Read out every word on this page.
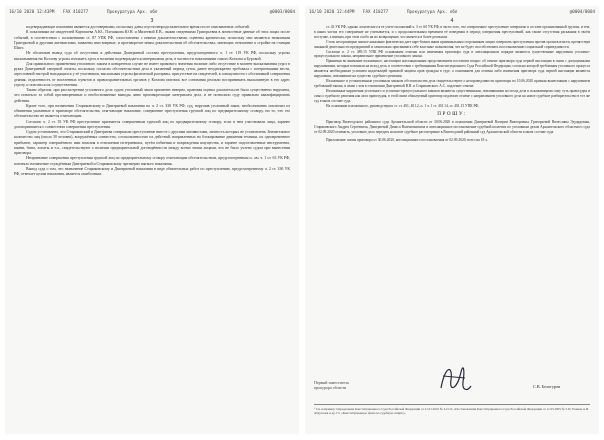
16/10 2020 12:43PM FAX 410277	Прокуратура Арх. обл	@0003/0004
3

подтверждающие показания являются достоверными, поскольку даны спустя непродолжительное время после описываемых событий.

К показаниям же свидетелей Карташева А.Ю., Плешакова Ю.Н. и Михеевой Е.В., чьими сведениями Григорьевна в личностные данные об этих лицах после событий, в соответствии с положениями ст. 87 УПК РФ, сопоставлены с иными доказательствами, оценены критически, поскольку они являются знакомыми Григорьевой и другими активистами, заявлены ими впервые, и противоречат иным доказательствам об обстоятельствах, имеющих отношение к стройке на станции Шиес.

Не обоснован вывод суда об отсутствии в действиях Дмитриевой состава преступления, предусмотренного ч. 1 ст. 119 УК РФ, поскольку угрозы высказывания ею Козлову угрозы изложить здесь в наличии подтверждается материалами дела, в частности показаниями самого Козлова и Буровой.

Для правильного применения уголовного закона в конкретном случае не имеет правового значения наличие либо отсутствие в момент высказывания угроз в руках Дмитриевой саперной лопаты, поскольку согласно обстоятельствам дела в указанный период суток, ранее неоднократно требовала с потерпевшими вести, агрессивной настрой находящихся у её участников, высказывая угрозы физической расправы, присутствие на свидетелей, в совокупности с обстановкой совершения деяния, отдаленность от населенных пунктов и правоохранительных органов у Козлова имелись все основания реально воспринимать высказанную в его адрес угрозу, и опасаться их осуществления.

Таким образом, при рассмотрении уголовного дела судом уголовный закон применен неверно, правовая оценка доказательств была существенно нарушена, что повлекло за собой противоречивые и необоснованные выводы, явно противоречащие материалам дела, и не позволило суду правильно квалифицировать действия.

Кроме того, при назначении Стариковскому и Дмитриевой наказания по ч. 2 ст. 330 УК РФ, суд, нарушив уголовный закон, необоснованно исключил из обвинения указанные в приговоре обстоятельства, отягчающие наказание, совершение преступления группой лиц по предварительному сговору, ни то, что это обстоятельство не является отягчающим.

Согласно ч. 2 ст. 35 УК РФ преступление признается совершенным группой лиц по предварительному сговору, если в нем участвовали лица, заранее договорившиеся о совместном совершении преступления.

Судом установлено, что Стариковский и Дмитриева совершили преступление вместе с другими активистами, личность которых не установлена. Значительное количество лиц (около 50 человек), вооружённых совместно, согласованностью их действий, направленных на блокирование движения техники, их одновременное прибытие, характер совершённого ими насилия в отношении потерпевших, путём избиения и повреждения имущества, и заранее подготовленные инструменты, камни, биты, лопаты и т.п., свидетельствуют о наличии предварительной договорённости между всеми этими лицами, что не было учтено судом при вынесении приговора.

Непризнание совершения преступления группой лиц по предварительному сговору отягчающим обстоятельством, предусмотренным п. «в» ч. 1 ст. 63 УК РФ, повлекло назначение осуждённым Дмитриевой и Стариковскому чрезмерно мягкого наказания.

Вывод суда о том, что назначение Стариковскому и Дмитриевой наказания в виде обязательных работ по преступлению, предусмотренному ч. 2 ст. 330 УК РФ, отвечает целям наказания, является ошибочным.

16/10 2020 12:44PM FAX 410277	Прокуратура Арх. обл	@0004/0004
4

ст. 43 УК РФ, однако логического в ее учете положений ч. 3 ст. 60 УК РФ, в части того, что совершенное преступление совершено в составе организованной группы, и тем, в каких частях его совершение не учитывается, и с продолжительным временем её поведения в период совершения преступлений, как также отсутствия раскаяния в своём поступке, а именно, при этом особо на их возвращение, что является в более реальном.

Столь несоразмерно мягкое наказание фактически дает карт-бланш иным криминальным сторонникам лицам совершать преступления против органов власти, препятствуя законной деятельности предприятий и самовольно присваивать себе властные полномочия, что не будет способствовать восстановлению социальной справедливости.

Согласно п. 2 ст. 389.15 УПК РФ основанием отмены или изменения приговора суда в апелляционном порядке являются существенные нарушения уголовно-процессуального закона, неправильное применение уголовного закона.

Принимая во внимание изложенное, настоящим апелляционным представлением поставлен вопрос об отмене приговора суда первой инстанции в связи с допущенными нарушениями, которые повлияли на исход дела, в соответствии с требованиями Конституционного Суда Российской Федерации, согласно которой требования уголовного процесса являются необходимым условием надлежащей правовой защиты прав граждан в суде, а основанием для отмены либо изменения приговора суда первой инстанции являются нарушения, повлиявшие на существо судебного решения.

Изложенное и установленные уголовным законом обстоятельства дела свидетельствуют о несправедливости приговора по 10.06.2020 признан вынесенным с нарушением требований закона, в связи с чем в отношении Дмитриевой В.В. и Стариковского А.С. подлежит отмене.

Изложенные нарушения уголовного и уголовно-процессуального законов являются существенными, повлиявшими на исход дела в искажающими саму суть правосудия и смысл судебного решения как акта правосудия, в этой связи обжалуемый приговор подлежит отмене с направлением уголовного дела на новое судебное разбирательство в тот же суд в ином составе суда.

На основании изложенного, руководствуясь ст. ст. 401, 401.2, п. 1 ч. 1 ст. 401.14, ст. 401.15 УПК РФ,

ПРОШУ:

Приговор Вилегодского районного суда Архангельской области от 30.06.2020 в отношении Дмитриевой Валерии Викторовны, Григорьевой Вячеславы Эдуардовны, Стариковского Андрея Сергеевича, Дмитриевой Дениса Валентиновича и апелляционное постановление судебной коллегии по уголовным делам Архангельского областного суда от 02.09.2020 отменить, уголовное дело передать на новое судебное рассмотрение в Вилегодский районный суд Архангельской области в ином составе суда.

Приложение: копия приговора от 30.06.2020, апелляционного постановления от 02.09.2020, всего на 18 л.

Первый заместитель
прокурора области	С.В. Белогуров
¹ См. например: Определение Конституционного Суда Российской Федерации от 21.01.2010 № 4-О-О; «Постановления Конституционного Суда Российской Федерации от 11.05.2005 № 5-П; Рожков А.И. Абдуллаев и др. Гл. «Конституционное право на судебную защиту»
